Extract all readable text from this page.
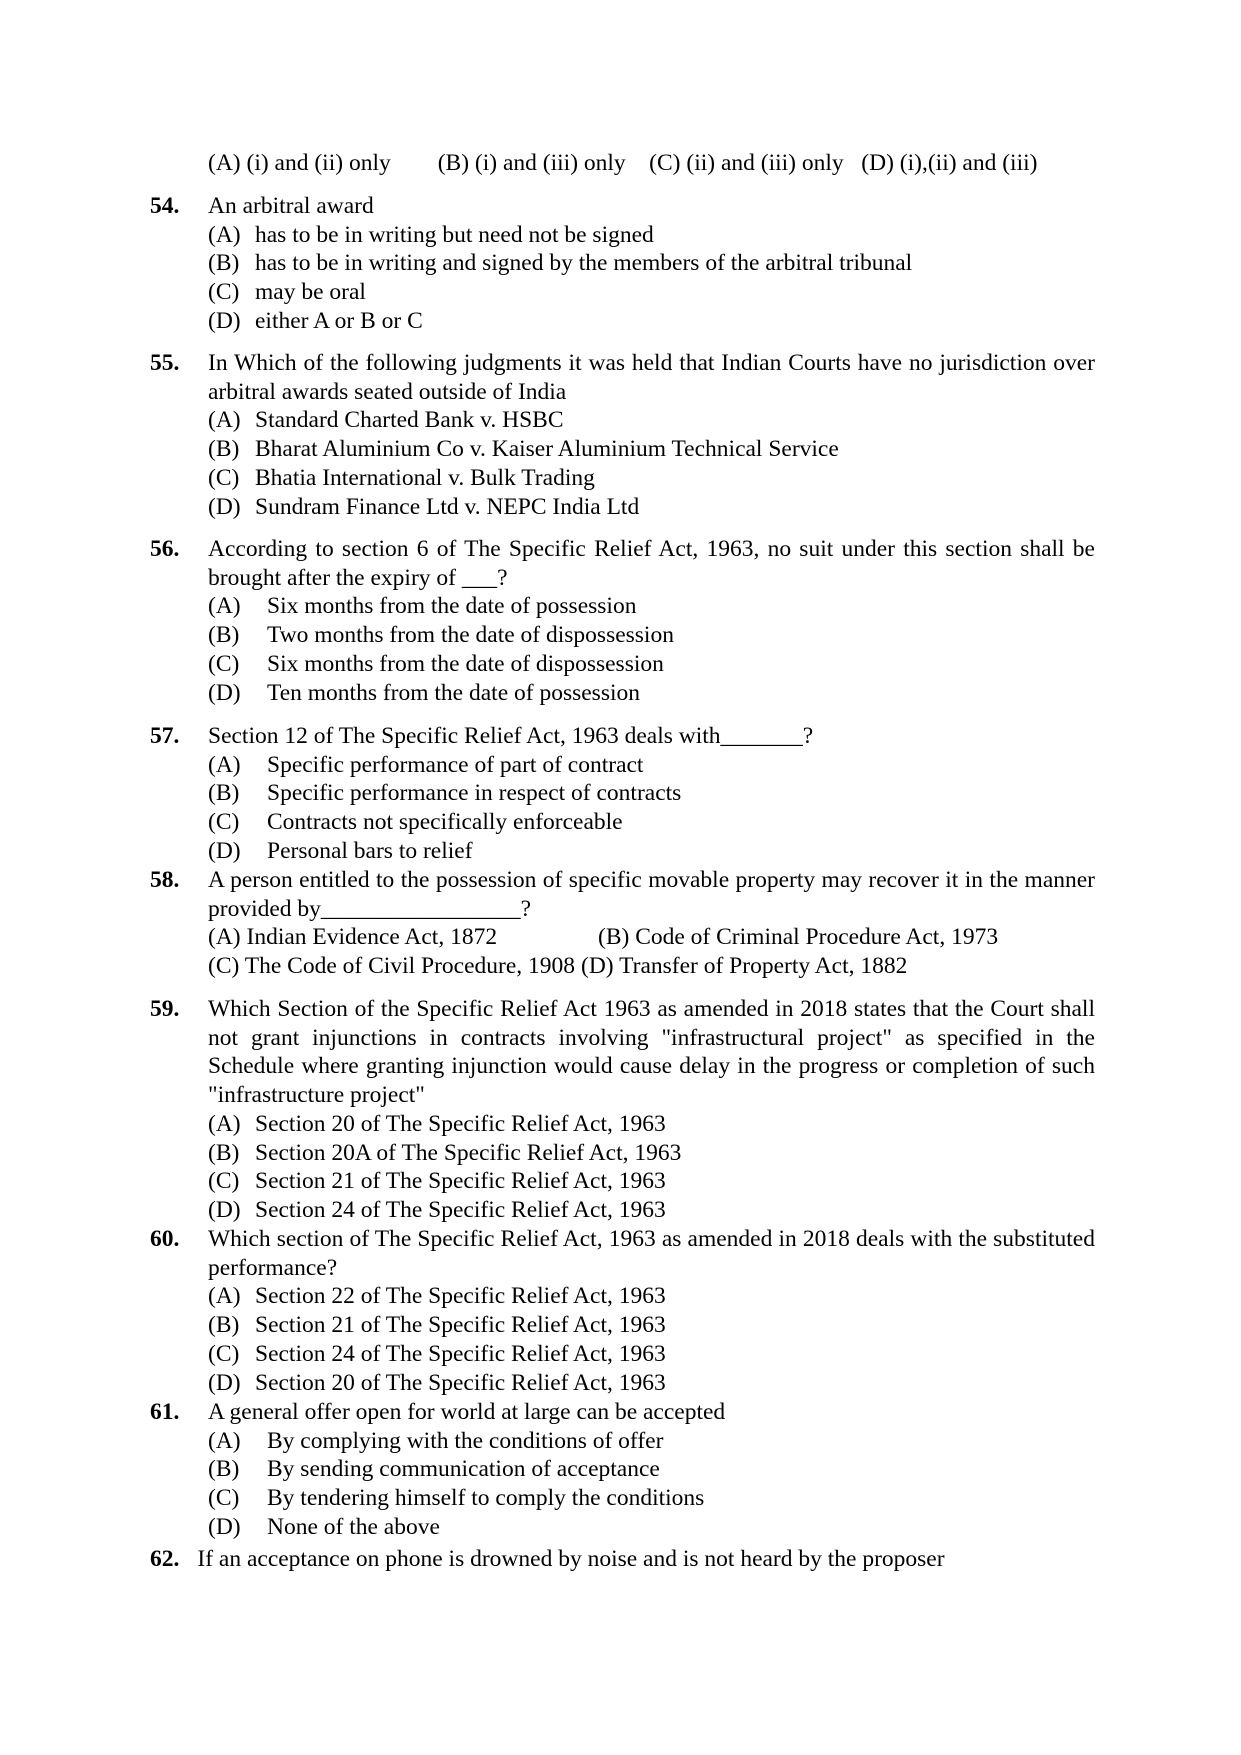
(A) (i) and (ii) only        (B) (i) and (iii) only    (C) (ii) and (iii) only   (D) (i),(ii) and (iii)
54. An arbitral award
(A) has to be in writing but need not be signed
(B) has to be in writing and signed by the members of the arbitral tribunal
(C) may be oral
(D) either A or B or C
55. In Which of the following judgments it was held that Indian Courts have no jurisdiction over arbitral awards seated outside of India
(A) Standard Charted Bank v. HSBC
(B) Bharat Aluminium Co v. Kaiser Aluminium Technical Service
(C) Bhatia International v. Bulk Trading
(D) Sundram Finance Ltd v. NEPC India Ltd
56. According to section 6 of The Specific Relief Act, 1963, no suit under this section shall be brought after the expiry of ___?
(A) Six months from the date of possession
(B) Two months from the date of dispossession
(C) Six months from the date of dispossession
(D) Ten months from the date of possession
57. Section 12 of The Specific Relief Act, 1963 deals with_______?
(A) Specific performance of part of contract
(B) Specific performance in respect of contracts
(C) Contracts not specifically enforceable
(D) Personal bars to relief
58. A person entitled to the possession of specific movable property may recover it in the manner provided by_________________?
(A) Indian Evidence Act, 1872	(B) Code of Criminal Procedure Act, 1973
(C) The Code of Civil Procedure, 1908 (D) Transfer of Property Act, 1882
59. Which Section of the Specific Relief Act 1963 as amended in 2018 states that the Court shall not grant injunctions in contracts involving "infrastructural project" as specified in the Schedule where granting injunction would cause delay in the progress or completion of such "infrastructure project"
(A) Section 20 of The Specific Relief Act, 1963
(B) Section 20A of The Specific Relief Act, 1963
(C) Section 21 of The Specific Relief Act, 1963
(D) Section 24 of The Specific Relief Act, 1963
60. Which section of The Specific Relief Act, 1963 as amended in 2018 deals with the substituted performance?
(A) Section 22 of The Specific Relief Act, 1963
(B) Section 21 of The Specific Relief Act, 1963
(C) Section 24 of The Specific Relief Act, 1963
(D) Section 20 of The Specific Relief Act, 1963
61. A general offer open for world at large can be accepted
(A) By complying with the conditions of offer
(B) By sending communication of acceptance
(C) By tendering himself to comply the conditions
(D) None of the above
62. If an acceptance on phone is drowned by noise and is not heard by the proposer
